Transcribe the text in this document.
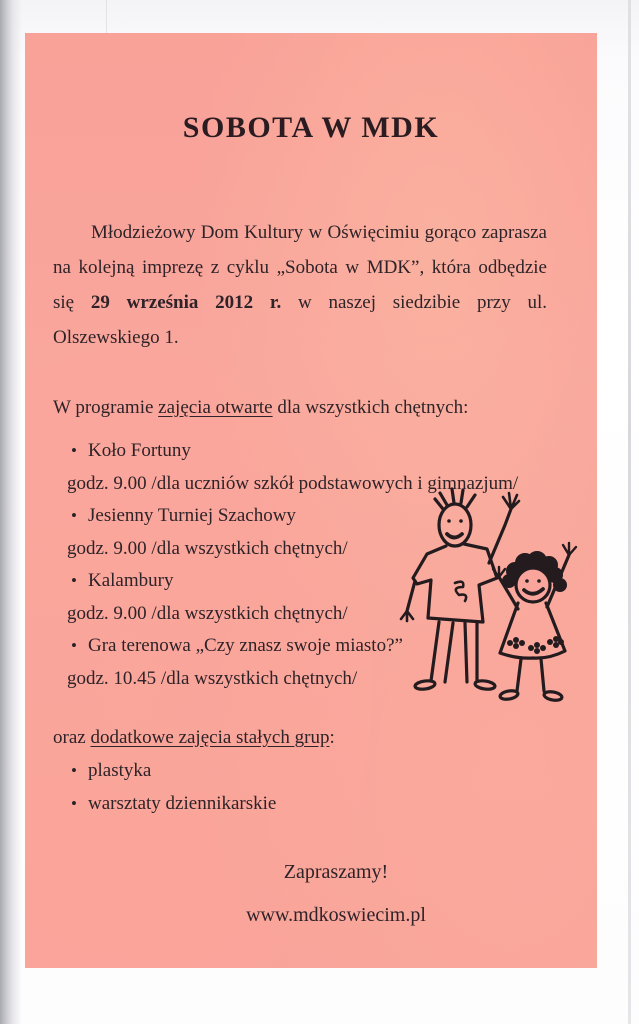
SOBOTA W MDK

Młodzieżowy Dom Kultury w Oświęcimiu gorąco zaprasza na kolejną imprezę z cyklu „Sobota w MDK”, która odbędzie się 29 września 2012 r. w naszej siedzibie przy ul. Olszewskiego 1.

W programie zajęcia otwarte dla wszystkich chętnych:

• Koło Fortuny
godz. 9.00 /dla uczniów szkół podstawowych i gimnazjum/
• Jesienny Turniej Szachowy
godz. 9.00 /dla wszystkich chętnych/
• Kalambury
godz. 9.00 /dla wszystkich chętnych/
• Gra terenowa „Czy znasz swoje miasto?”
godz. 10.45 /dla wszystkich chętnych/

oraz dodatkowe zajęcia stałych grup:

• plastyka
• warsztaty dziennikarskie
Zapraszamy!
www.mdkoswiecim.pl
